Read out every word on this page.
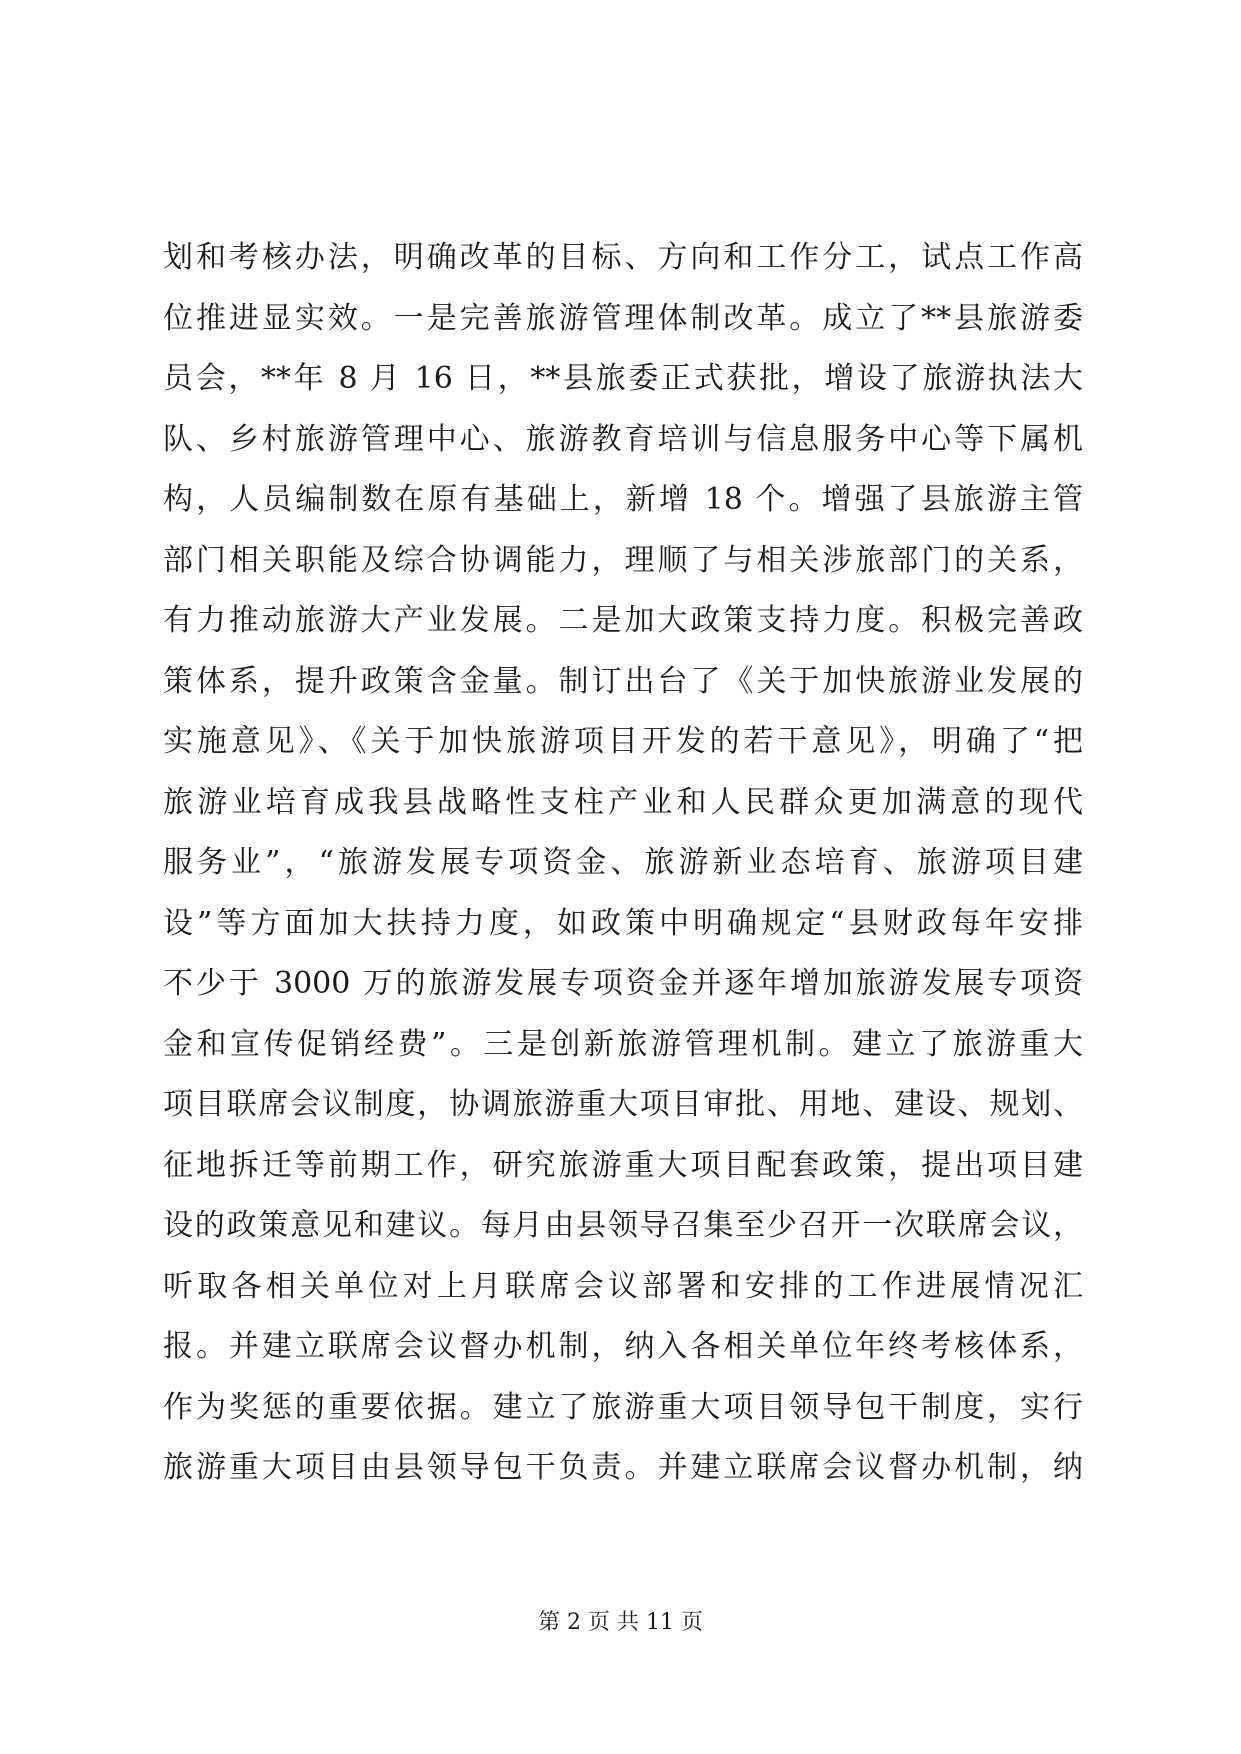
划和考核办法，明确改革的目标、方向和工作分工，试点工作高
位推进显实效。一是完善旅游管理体制改革。成立了**县旅游委
员会，**年 8 月 16 日，**县旅委正式获批，增设了旅游执法大
队、乡村旅游管理中心、旅游教育培训与信息服务中心等下属机
构，人员编制数在原有基础上，新增 18 个。增强了县旅游主管
部门相关职能及综合协调能力，理顺了与相关涉旅部门的关系，
有力推动旅游大产业发展。二是加大政策支持力度。积极完善政
策体系，提升政策含金量。制订出台了《关于加快旅游业发展的
实施意见》、《关于加快旅游项目开发的若干意见》，明确了“把
旅游业培育成我县战略性支柱产业和人民群众更加满意的现代
服务业”，“旅游发展专项资金、旅游新业态培育、旅游项目建
设”等方面加大扶持力度，如政策中明确规定“县财政每年安排
不少于 3000 万的旅游发展专项资金并逐年增加旅游发展专项资
金和宣传促销经费”。三是创新旅游管理机制。建立了旅游重大
项目联席会议制度，协调旅游重大项目审批、用地、建设、规划、
征地拆迁等前期工作，研究旅游重大项目配套政策，提出项目建
设的政策意见和建议。每月由县领导召集至少召开一次联席会议，
听取各相关单位对上月联席会议部署和安排的工作进展情况汇
报。并建立联席会议督办机制，纳入各相关单位年终考核体系，
作为奖惩的重要依据。建立了旅游重大项目领导包干制度，实行
旅游重大项目由县领导包干负责。并建立联席会议督办机制，纳
第 2 页 共 11 页
